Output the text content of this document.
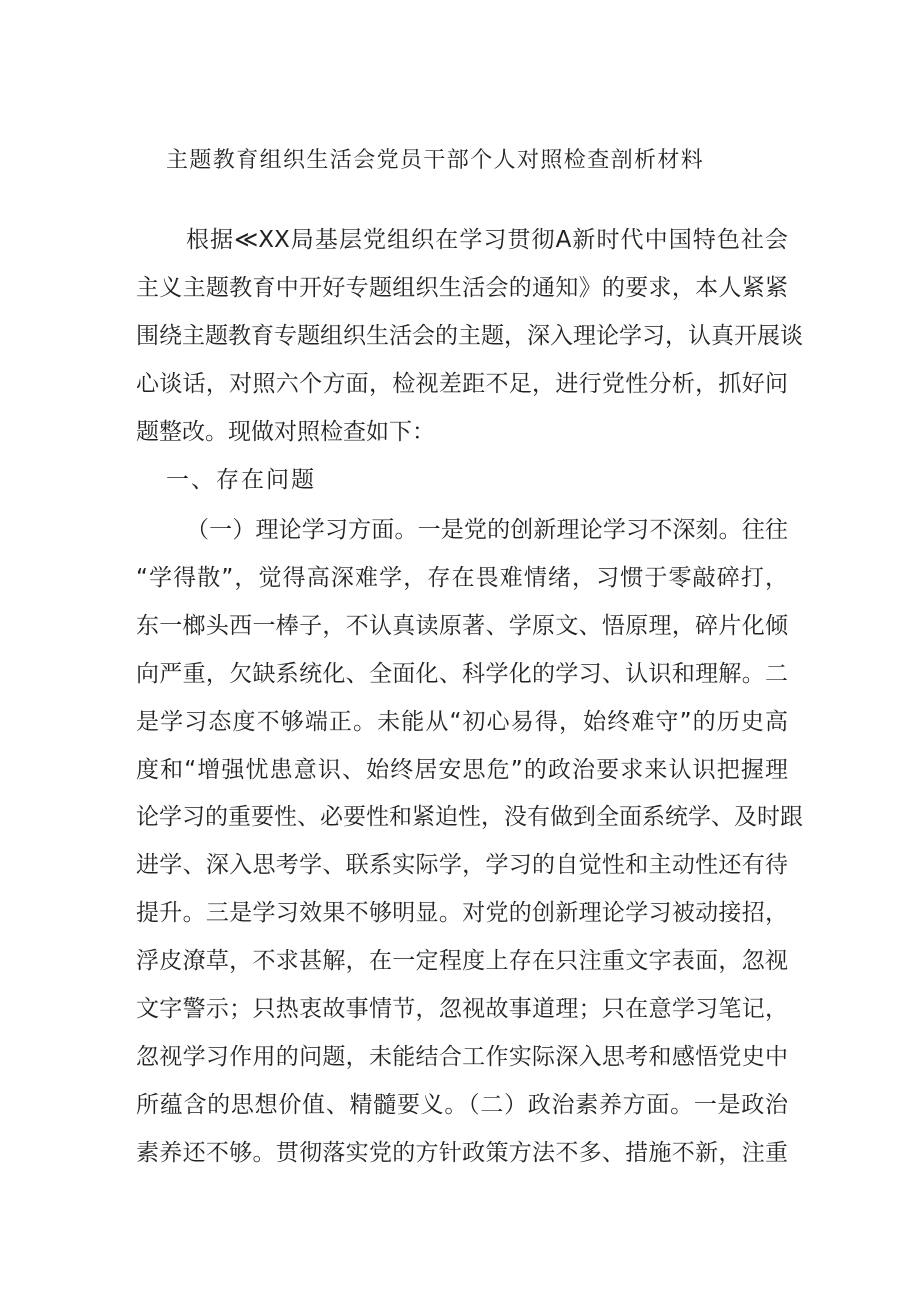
主题教育组织生活会党员干部个人对照检查剖析材料
根据≪XX局基层党组织在学习贯彻A新时代中国特色社会
主义主题教育中开好专题组织生活会的通知》的要求，本人紧紧
围绕主题教育专题组织生活会的主题，深入理论学习，认真开展谈
心谈话，对照六个方面，检视差距不足，进行党性分析，抓好问
题整改。现做对照检查如下：
一、存在问题
（一）理论学习方面。一是党的创新理论学习不深刻。往往
“学得散”，觉得高深难学，存在畏难情绪，习惯于零敲碎打，
东一榔头西一棒子，不认真读原著、学原文、悟原理，碎片化倾
向严重，欠缺系统化、全面化、科学化的学习、认识和理解。二
是学习态度不够端正。未能从“初心易得，始终难守”的历史高
度和“增强忧患意识、始终居安思危”的政治要求来认识把握理
论学习的重要性、必要性和紧迫性，没有做到全面系统学、及时跟
进学、深入思考学、联系实际学，学习的自觉性和主动性还有待
提升。三是学习效果不够明显。对党的创新理论学习被动接招，
浮皮潦草，不求甚解，在一定程度上存在只注重文字表面，忽视
文字警示；只热衷故事情节，忽视故事道理；只在意学习笔记，
忽视学习作用的问题，未能结合工作实际深入思考和感悟党史中
所蕴含的思想价值、精髓要义。（二）政治素养方面。一是政治
素养还不够。贯彻落实党的方针政策方法不多、措施不新，注重
